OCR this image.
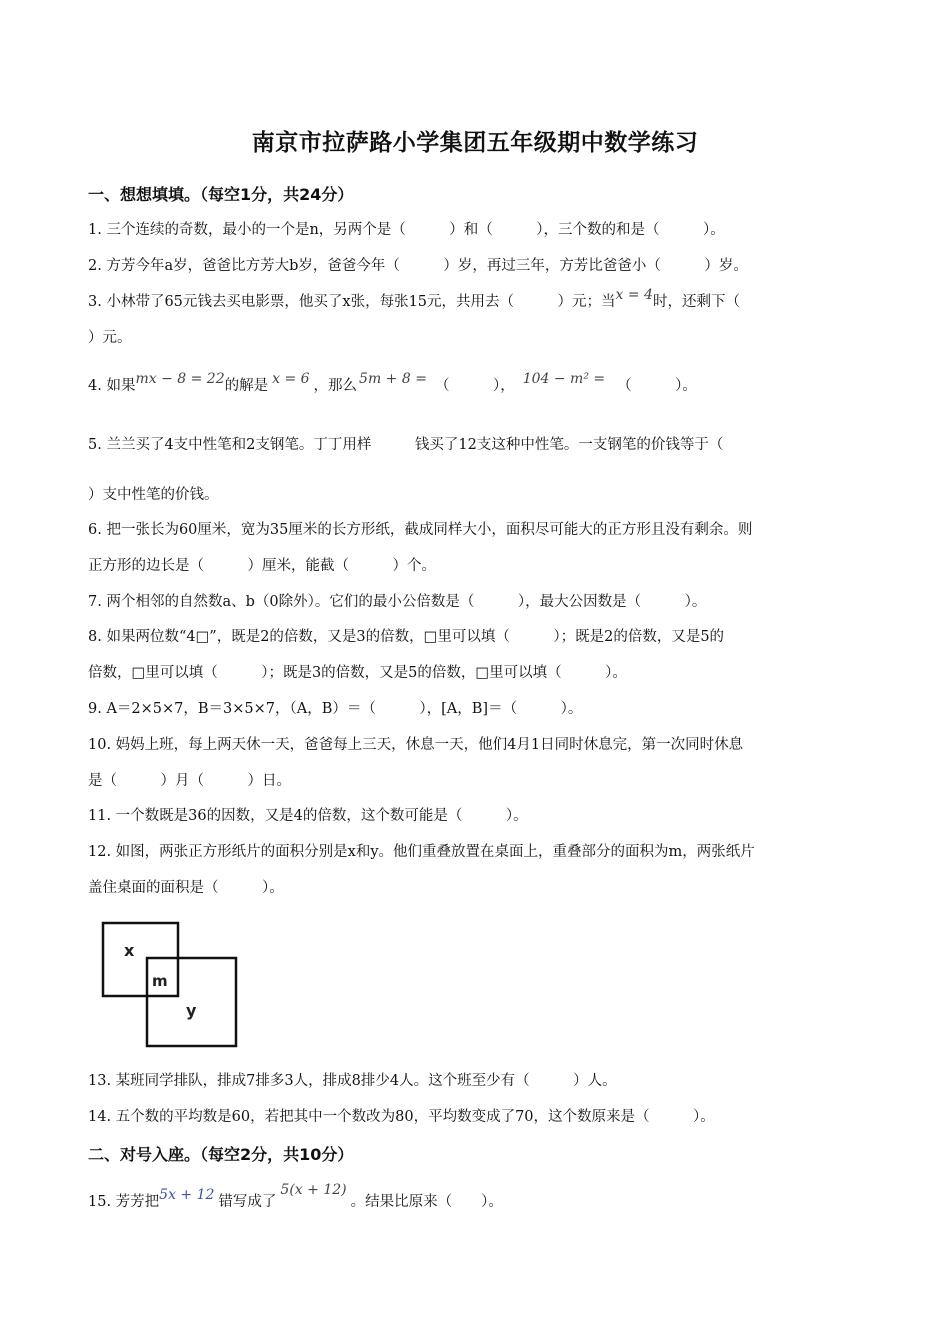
南京市拉萨路小学集团五年级期中数学练习
一、想想填填。（每空1分，共24分）
1. 三个连续的奇数，最小的一个是n，另两个是（　　　）和（　　　），三个数的和是（　　　）。
2. 方芳今年a岁，爸爸比方芳大b岁，爸爸今年（　　　）岁，再过三年，方芳比爸爸小（　　　）岁。
3. 小林带了65元钱去买电影票，他买了x张，每张15元，共用去（　　　）元；当x = 4时，还剩下（
）元。
4. 如果mx − 8 = 22的解是 x = 6 ，那么 5m + 8 = （　　　）， 104 − m² = （　　　）。
5. 兰兰买了4支中性笔和2支钢笔。丁丁用样　　　钱买了12支这种中性笔。一支钢笔的价钱等于（
）支中性笔的价钱。
6. 把一张长为60厘米，宽为35厘米的长方形纸，截成同样大小，面积尽可能大的正方形且没有剩余。则
正方形的边长是（　　　）厘米，能截（　　　）个。
7. 两个相邻的自然数a、b（0除外）。它们的最小公倍数是（　　　），最大公因数是（　　　）。
8. 如果两位数“4□”，既是2的倍数，又是3的倍数，□里可以填（　　　）；既是2的倍数，又是5的
倍数，□里可以填（　　　）；既是3的倍数，又是5的倍数，□里可以填（　　　）。
9. A＝2×5×7，B＝3×5×7，（A，B）＝（　　　），[A，B]＝（　　　）。
10. 妈妈上班，每上两天休一天，爸爸每上三天，休息一天，他们4月1日同时休息完，第一次同时休息
是（　　　）月（　　　）日。
11. 一个数既是36的因数，又是4的倍数，这个数可能是（　　　）。
12. 如图，两张正方形纸片的面积分别是x和y。他们重叠放置在桌面上，重叠部分的面积为m，两张纸片
盖住桌面的面积是（　　　）。
x
m
y
13. 某班同学排队，排成7排多3人，排成8排少4人。这个班至少有（　　　）人。
14. 五个数的平均数是60，若把其中一个数改为80，平均数变成了70，这个数原来是（　　　）。
二、对号入座。（每空2分，共10分）
15. 芳芳把5x + 12 错写成了5(x + 12)。结果比原来（　　）。
